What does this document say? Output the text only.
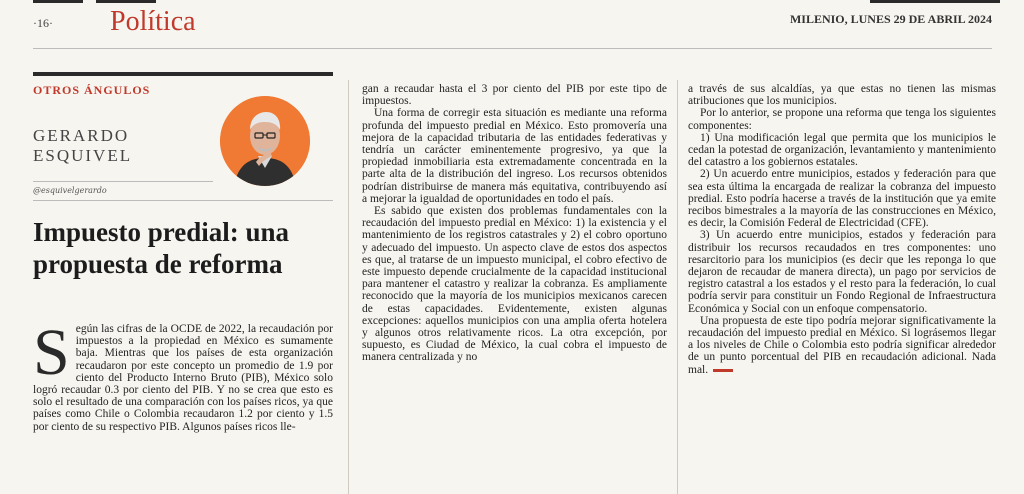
·16· Política	MILENIO, LUNES 29 DE ABRIL 2024
OTROS ÁNGULOS
GERARDO
ESQUIVEL
@esquivelgerardo
Impuesto predial: una propuesta de reforma

Según las cifras de la OCDE de 2022, la recaudación por impuestos a la propiedad en México es sumamente baja. Mientras que los países de esta organización recaudaron por este concepto un promedio de 1.9 por ciento del Producto Interno Bruto (PIB), México solo logró recaudar 0.3 por ciento del PIB. Y no se crea que esto es solo el resultado de una comparación con los países ricos, ya que países como Chile o Colombia recaudaron 1.2 por ciento y 1.5 por ciento de su respectivo PIB. Algunos países ricos lle-

gan a recaudar hasta el 3 por ciento del PIB por este tipo de impuestos.

Una forma de corregir esta situación es mediante una reforma profunda del impuesto predial en México. Esto promovería una mejora de la capacidad tributaria de las entidades federativas y tendría un carácter eminentemente progresivo, ya que la propiedad inmobiliaria esta extremadamente concentrada en la parte alta de la distribución del ingreso. Los recursos obtenidos podrían distribuirse de manera más equitativa, contribuyendo así a mejorar la igualdad de oportunidades en todo el país.

Es sabido que existen dos problemas fundamentales con la recaudación del impuesto predial en México: 1) la existencia y el mantenimiento de los registros catastrales y 2) el cobro oportuno y adecuado del impuesto. Un aspecto clave de estos dos aspectos es que, al tratarse de un impuesto municipal, el cobro efectivo de este impuesto depende crucialmente de la capacidad institucional para mantener el catastro y realizar la cobranza. Es ampliamente reconocido que la mayoría de los municipios mexicanos carecen de estas capacidades. Evidentemente, existen algunas excepciones: aquellos municipios con una amplia oferta hotelera y algunos otros relativamente ricos. La otra excepción, por supuesto, es Ciudad de México, la cual cobra el impuesto de manera centralizada y no

a través de sus alcaldías, ya que estas no tienen las mismas atribuciones que los municipios.

Por lo anterior, se propone una reforma que tenga los siguientes componentes:

1) Una modificación legal que permita que los municipios le cedan la potestad de organización, levantamiento y mantenimiento del catastro a los gobiernos estatales.

2) Un acuerdo entre municipios, estados y federación para que sea esta última la encargada de realizar la cobranza del impuesto predial. Esto podría hacerse a través de la institución que ya emite recibos bimestrales a la mayoría de las construcciones en México, es decir, la Comisión Federal de Electricidad (CFE).

3) Un acuerdo entre municipios, estados y federación para distribuir los recursos recaudados en tres componentes: uno resarcitorio para los municipios (es decir que les reponga lo que dejaron de recaudar de manera directa), un pago por servicios de registro catastral a los estados y el resto para la federación, lo cual podría servir para constituir un Fondo Regional de Infraestructura Económica y Social con un enfoque compensatorio.

Una propuesta de este tipo podría mejorar significativamente la recaudación del impuesto predial en México. Si lográsemos llegar a los niveles de Chile o Colombia esto podría significar alrededor de un punto porcentual del PIB en recaudación adicional. Nada mal.
